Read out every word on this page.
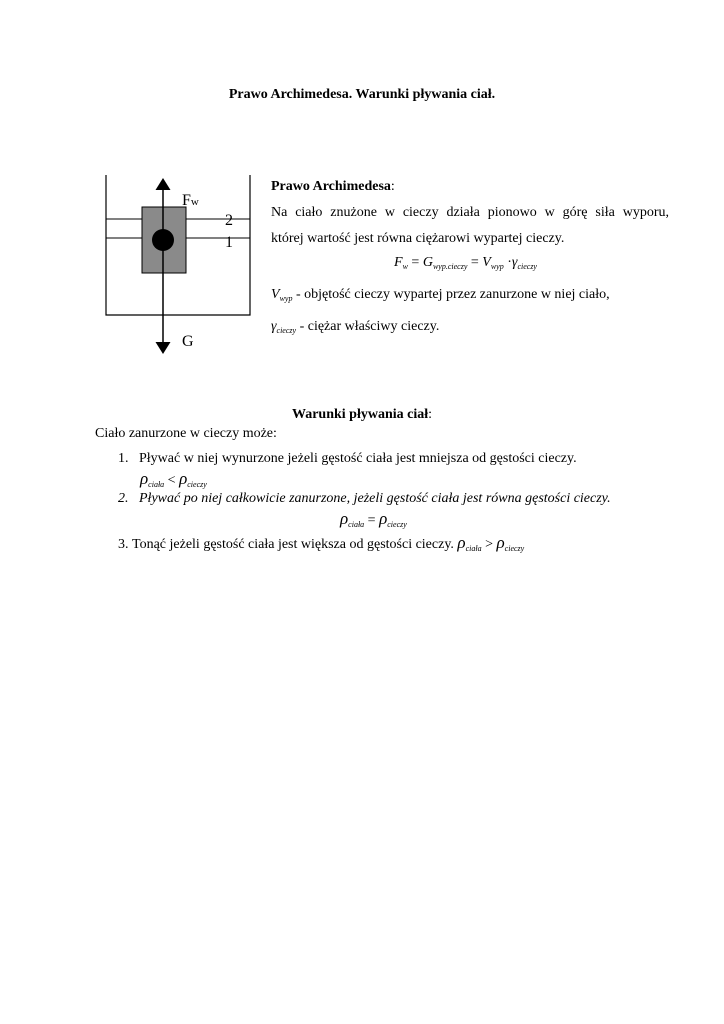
Prawo Archimedesa. Warunki pływania ciał.
Fw
2
1
G
Prawo Archimedesa:
Na ciało znużone w cieczy działa pionowo w górę siła wyporu,
której wartość jest równa ciężarowi wypartej cieczy.
$F_w = G_{wyp.cieczy} = V_{wyp} \cdot\gamma_{cieczy}$
$V_{wyp}$ - objętość cieczy wypartej przez zanurzone w niej ciało,
$\gamma_{cieczy}$ - ciężar właściwy cieczy.
Warunki pływania ciał:
Ciało zanurzone w cieczy może:
1. Pływać w niej wynurzone jeżeli gęstość ciała jest mniejsza od gęstości cieczy.
$\rho_{ciała} < \rho_{cieczy}$
2. Pływać po niej całkowicie zanurzone, jeżeli gęstość ciała jest równa gęstości cieczy.
$\rho_{ciała} = \rho_{cieczy}$
3. Tonąć jeżeli gęstość ciała jest większa od gęstości cieczy. $\rho_{ciała} > \rho_{cieczy}$
